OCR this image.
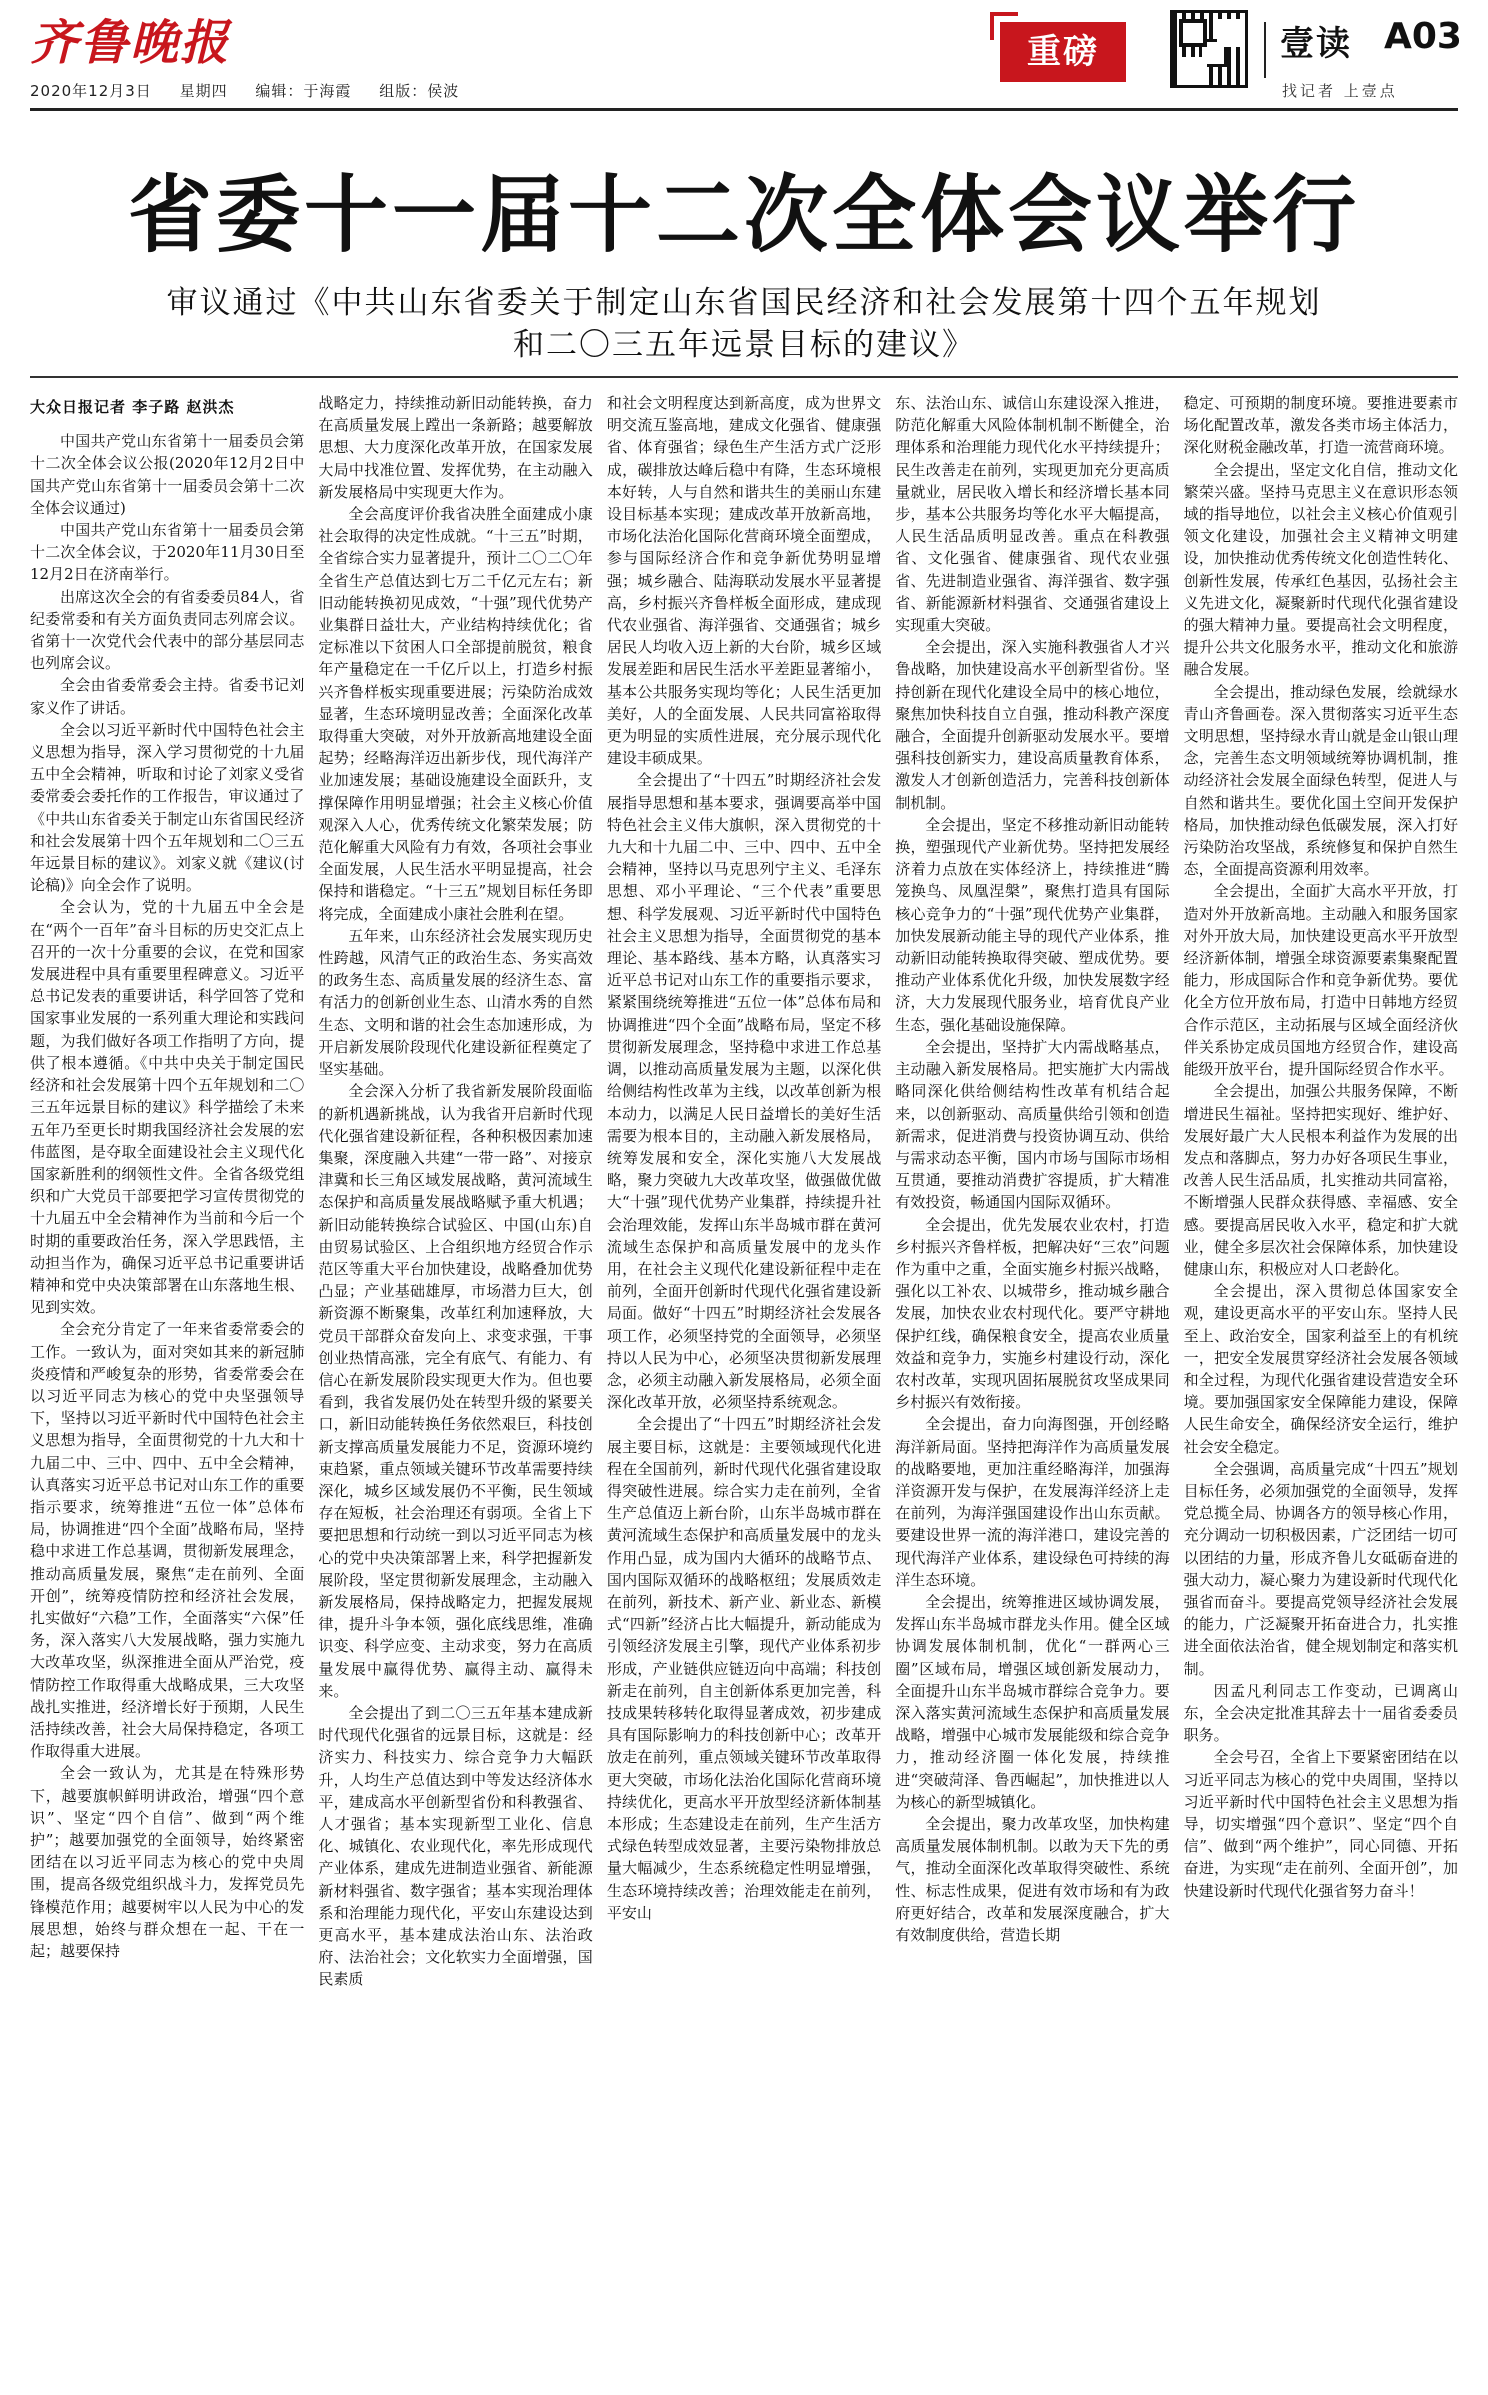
齐鲁晚报
2020年12月3日 星期四 编辑：于海霞 组版：侯波
重磅	壹读 A03
找记者 上壹点
省委十一届十二次全体会议举行
审议通过《中共山东省委关于制定山东省国民经济和社会发展第十四个五年规划
和二〇三五年远景目标的建议》
大众日报记者 李子路 赵洪杰

中国共产党山东省第十一届委员会第十二次全体会议公报(2020年12月2日中国共产党山东省第十一届委员会第十二次全体会议通过)

中国共产党山东省第十一届委员会第十二次全体会议，于2020年11月30日至12月2日在济南举行。

出席这次全会的有省委委员84人，省纪委常委和有关方面负责同志列席会议。省第十一次党代会代表中的部分基层同志也列席会议。

全会由省委常委会主持。省委书记刘家义作了讲话。

全会以习近平新时代中国特色社会主义思想为指导，深入学习贯彻党的十九届五中全会精神，听取和讨论了刘家义受省委常委会委托作的工作报告，审议通过了《中共山东省委关于制定山东省国民经济和社会发展第十四个五年规划和二〇三五年远景目标的建议》。刘家义就《建议(讨论稿)》向全会作了说明。

全会认为，党的十九届五中全会是在“两个一百年”奋斗目标的历史交汇点上召开的一次十分重要的会议，在党和国家发展进程中具有重要里程碑意义。习近平总书记发表的重要讲话，科学回答了党和国家事业发展的一系列重大理论和实践问题，为我们做好各项工作指明了方向，提供了根本遵循。《中共中央关于制定国民经济和社会发展第十四个五年规划和二〇三五年远景目标的建议》科学描绘了未来五年乃至更长时期我国经济社会发展的宏伟蓝图，是夺取全面建设社会主义现代化国家新胜利的纲领性文件。全省各级党组织和广大党员干部要把学习宣传贯彻党的十九届五中全会精神作为当前和今后一个时期的重要政治任务，深入学思践悟，主动担当作为，确保习近平总书记重要讲话精神和党中央决策部署在山东落地生根、见到实效。

全会充分肯定了一年来省委常委会的工作。一致认为，面对突如其来的新冠肺炎疫情和严峻复杂的形势，省委常委会在以习近平同志为核心的党中央坚强领导下，坚持以习近平新时代中国特色社会主义思想为指导，全面贯彻党的十九大和十九届二中、三中、四中、五中全会精神，认真落实习近平总书记对山东工作的重要指示要求，统筹推进“五位一体”总体布局，协调推进“四个全面”战略布局，坚持稳中求进工作总基调，贯彻新发展理念，推动高质量发展，聚焦“走在前列、全面开创”，统筹疫情防控和经济社会发展，扎实做好“六稳”工作，全面落实“六保”任务，深入落实八大发展战略，强力实施九大改革攻坚，纵深推进全面从严治党，疫情防控工作取得重大战略成果，三大攻坚战扎实推进，经济增长好于预期，人民生活持续改善，社会大局保持稳定，各项工作取得重大进展。

全会一致认为，尤其是在特殊形势下，越要旗帜鲜明讲政治，增强“四个意识”、坚定“四个自信”、做到“两个维护”；越要加强党的全面领导，始终紧密团结在以习近平同志为核心的党中央周围，提高各级党组织战斗力，发挥党员先锋模范作用；越要树牢以人民为中心的发展思想，始终与群众想在一起、干在一起；越要保持

战略定力，持续推动新旧动能转换，奋力在高质量发展上蹚出一条新路；越要解放思想、大力度深化改革开放，在国家发展大局中找准位置、发挥优势，在主动融入新发展格局中实现更大作为。

全会高度评价我省决胜全面建成小康社会取得的决定性成就。“十三五”时期，全省综合实力显著提升，预计二〇二〇年全省生产总值达到七万二千亿元左右；新旧动能转换初见成效，“十强”现代优势产业集群日益壮大，产业结构持续优化；省定标准以下贫困人口全部提前脱贫，粮食年产量稳定在一千亿斤以上，打造乡村振兴齐鲁样板实现重要进展；污染防治成效显著，生态环境明显改善；全面深化改革取得重大突破，对外开放新高地建设全面起势；经略海洋迈出新步伐，现代海洋产业加速发展；基础设施建设全面跃升，支撑保障作用明显增强；社会主义核心价值观深入人心，优秀传统文化繁荣发展；防范化解重大风险有力有效，各项社会事业全面发展，人民生活水平明显提高，社会保持和谐稳定。“十三五”规划目标任务即将完成，全面建成小康社会胜利在望。

五年来，山东经济社会发展实现历史性跨越，风清气正的政治生态、务实高效的政务生态、高质量发展的经济生态、富有活力的创新创业生态、山清水秀的自然生态、文明和谐的社会生态加速形成，为开启新发展阶段现代化建设新征程奠定了坚实基础。

全会深入分析了我省新发展阶段面临的新机遇新挑战，认为我省开启新时代现代化强省建设新征程，各种积极因素加速集聚，深度融入共建“一带一路”、对接京津冀和长三角区域发展战略，黄河流域生态保护和高质量发展战略赋予重大机遇；新旧动能转换综合试验区、中国(山东)自由贸易试验区、上合组织地方经贸合作示范区等重大平台加快建设，战略叠加优势凸显；产业基础雄厚，市场潜力巨大，创新资源不断聚集，改革红利加速释放，大党员干部群众奋发向上、求变求强，干事创业热情高涨，完全有底气、有能力、有信心在新发展阶段实现更大作为。但也要看到，我省发展仍处在转型升级的紧要关口，新旧动能转换任务依然艰巨，科技创新支撑高质量发展能力不足，资源环境约束趋紧，重点领域关键环节改革需要持续深化，城乡区域发展仍不平衡，民生领域存在短板，社会治理还有弱项。全省上下要把思想和行动统一到以习近平同志为核心的党中央决策部署上来，科学把握新发展阶段，坚定贯彻新发展理念，主动融入新发展格局，保持战略定力，把握发展规律，提升斗争本领，强化底线思维，准确识变、科学应变、主动求变，努力在高质量发展中赢得优势、赢得主动、赢得未来。

全会提出了到二〇三五年基本建成新时代现代化强省的远景目标，这就是：经济实力、科技实力、综合竞争力大幅跃升，人均生产总值达到中等发达经济体水平，建成高水平创新型省份和科教强省、人才强省；基本实现新型工业化、信息化、城镇化、农业现代化，率先形成现代产业体系，建成先进制造业强省、新能源新材料强省、数字强省；基本实现治理体系和治理能力现代化，平安山东建设达到更高水平，基本建成法治山东、法治政府、法治社会；文化软实力全面增强，国民素质

和社会文明程度达到新高度，成为世界文明交流互鉴高地，建成文化强省、健康强省、体育强省；绿色生产生活方式广泛形成，碳排放达峰后稳中有降，生态环境根本好转，人与自然和谐共生的美丽山东建设目标基本实现；建成改革开放新高地，市场化法治化国际化营商环境全面塑成，参与国际经济合作和竞争新优势明显增强；城乡融合、陆海联动发展水平显著提高，乡村振兴齐鲁样板全面形成，建成现代农业强省、海洋强省、交通强省；城乡居民人均收入迈上新的大台阶，城乡区域发展差距和居民生活水平差距显著缩小，基本公共服务实现均等化；人民生活更加美好，人的全面发展、人民共同富裕取得更为明显的实质性进展，充分展示现代化建设丰硕成果。

全会提出了“十四五”时期经济社会发展指导思想和基本要求，强调要高举中国特色社会主义伟大旗帜，深入贯彻党的十九大和十九届二中、三中、四中、五中全会精神，坚持以马克思列宁主义、毛泽东思想、邓小平理论、“三个代表”重要思想、科学发展观、习近平新时代中国特色社会主义思想为指导，全面贯彻党的基本理论、基本路线、基本方略，认真落实习近平总书记对山东工作的重要指示要求，紧紧围绕统筹推进“五位一体”总体布局和协调推进“四个全面”战略布局，坚定不移贯彻新发展理念，坚持稳中求进工作总基调，以推动高质量发展为主题，以深化供给侧结构性改革为主线，以改革创新为根本动力，以满足人民日益增长的美好生活需要为根本目的，主动融入新发展格局，统筹发展和安全，深化实施八大发展战略，聚力突破九大改革攻坚，做强做优做大“十强”现代优势产业集群，持续提升社会治理效能，发挥山东半岛城市群在黄河流域生态保护和高质量发展中的龙头作用，在社会主义现代化建设新征程中走在前列，全面开创新时代现代化强省建设新局面。做好“十四五”时期经济社会发展各项工作，必须坚持党的全面领导，必须坚持以人民为中心，必须坚决贯彻新发展理念，必须主动融入新发展格局，必须全面深化改革开放，必须坚持系统观念。

全会提出了“十四五”时期经济社会发展主要目标，这就是：主要领域现代化进程在全国前列，新时代现代化强省建设取得突破性进展。综合实力走在前列，全省生产总值迈上新台阶，山东半岛城市群在黄河流域生态保护和高质量发展中的龙头作用凸显，成为国内大循环的战略节点、国内国际双循环的战略枢纽；发展质效走在前列，新技术、新产业、新业态、新模式“四新”经济占比大幅提升，新动能成为引领经济发展主引擎，现代产业体系初步形成，产业链供应链迈向中高端；科技创新走在前列，自主创新体系更加完善，科技成果转移转化取得显著成效，初步建成具有国际影响力的科技创新中心；改革开放走在前列，重点领域关键环节改革取得更大突破，市场化法治化国际化营商环境持续优化，更高水平开放型经济新体制基本形成；生态建设走在前列，生产生活方式绿色转型成效显著，主要污染物排放总量大幅减少，生态系统稳定性明显增强，生态环境持续改善；治理效能走在前列，平安山

东、法治山东、诚信山东建设深入推进，防范化解重大风险体制机制不断健全，治理体系和治理能力现代化水平持续提升；民生改善走在前列，实现更加充分更高质量就业，居民收入增长和经济增长基本同步，基本公共服务均等化水平大幅提高，人民生活品质明显改善。重点在科教强省、文化强省、健康强省、现代农业强省、先进制造业强省、海洋强省、数字强省、新能源新材料强省、交通强省建设上实现重大突破。

全会提出，深入实施科教强省人才兴鲁战略，加快建设高水平创新型省份。坚持创新在现代化建设全局中的核心地位，聚焦加快科技自立自强，推动科教产深度融合，全面提升创新驱动发展水平。要增强科技创新实力，建设高质量教育体系，激发人才创新创造活力，完善科技创新体制机制。

全会提出，坚定不移推动新旧动能转换，塑强现代产业新优势。坚持把发展经济着力点放在实体经济上，持续推进“腾笼换鸟、凤凰涅槃”，聚焦打造具有国际核心竞争力的“十强”现代优势产业集群，加快发展新动能主导的现代产业体系，推动新旧动能转换取得突破、塑成优势。要推动产业体系优化升级，加快发展数字经济，大力发展现代服务业，培育优良产业生态，强化基础设施保障。

全会提出，坚持扩大内需战略基点，主动融入新发展格局。把实施扩大内需战略同深化供给侧结构性改革有机结合起来，以创新驱动、高质量供给引领和创造新需求，促进消费与投资协调互动、供给与需求动态平衡，国内市场与国际市场相互贯通，要推动消费扩容提质，扩大精准有效投资，畅通国内国际双循环。

全会提出，优先发展农业农村，打造乡村振兴齐鲁样板，把解决好“三农”问题作为重中之重，全面实施乡村振兴战略，强化以工补农、以城带乡，推动城乡融合发展，加快农业农村现代化。要严守耕地保护红线，确保粮食安全，提高农业质量效益和竞争力，实施乡村建设行动，深化农村改革，实现巩固拓展脱贫攻坚成果同乡村振兴有效衔接。

全会提出，奋力向海图强，开创经略海洋新局面。坚持把海洋作为高质量发展的战略要地，更加注重经略海洋，加强海洋资源开发与保护，在发展海洋经济上走在前列，为海洋强国建设作出山东贡献。要建设世界一流的海洋港口，建设完善的现代海洋产业体系，建设绿色可持续的海洋生态环境。

全会提出，统筹推进区域协调发展，发挥山东半岛城市群龙头作用。健全区域协调发展体制机制，优化“一群两心三圈”区域布局，增强区域创新发展动力，全面提升山东半岛城市群综合竞争力。要深入落实黄河流域生态保护和高质量发展战略，增强中心城市发展能级和综合竞争力，推动经济圈一体化发展，持续推进“突破菏泽、鲁西崛起”，加快推进以人为核心的新型城镇化。

全会提出，聚力改革攻坚，加快构建高质量发展体制机制。以敢为天下先的勇气，推动全面深化改革取得突破性、系统性、标志性成果，促进有效市场和有为政府更好结合，改革和发展深度融合，扩大有效制度供给，营造长期

稳定、可预期的制度环境。要推进要素市场化配置改革，激发各类市场主体活力，深化财税金融改革，打造一流营商环境。

全会提出，坚定文化自信，推动文化繁荣兴盛。坚持马克思主义在意识形态领域的指导地位，以社会主义核心价值观引领文化建设，加强社会主义精神文明建设，加快推动优秀传统文化创造性转化、创新性发展，传承红色基因，弘扬社会主义先进文化，凝聚新时代现代化强省建设的强大精神力量。要提高社会文明程度，提升公共文化服务水平，推动文化和旅游融合发展。

全会提出，推动绿色发展，绘就绿水青山齐鲁画卷。深入贯彻落实习近平生态文明思想，坚持绿水青山就是金山银山理念，完善生态文明领域统筹协调机制，推动经济社会发展全面绿色转型，促进人与自然和谐共生。要优化国土空间开发保护格局，加快推动绿色低碳发展，深入打好污染防治攻坚战，系统修复和保护自然生态，全面提高资源利用效率。

全会提出，全面扩大高水平开放，打造对外开放新高地。主动融入和服务国家对外开放大局，加快建设更高水平开放型经济新体制，增强全球资源要素集聚配置能力，形成国际合作和竞争新优势。要优化全方位开放布局，打造中日韩地方经贸合作示范区，主动拓展与区域全面经济伙伴关系协定成员国地方经贸合作，建设高能级开放平台，提升国际经贸合作水平。

全会提出，加强公共服务保障，不断增进民生福祉。坚持把实现好、维护好、发展好最广大人民根本利益作为发展的出发点和落脚点，努力办好各项民生事业，改善人民生活品质，扎实推动共同富裕，不断增强人民群众获得感、幸福感、安全感。要提高居民收入水平，稳定和扩大就业，健全多层次社会保障体系，加快建设健康山东，积极应对人口老龄化。

全会提出，深入贯彻总体国家安全观，建设更高水平的平安山东。坚持人民至上、政治安全，国家利益至上的有机统一，把安全发展贯穿经济社会发展各领域和全过程，为现代化强省建设营造安全环境。要加强国家安全保障能力建设，保障人民生命安全，确保经济安全运行，维护社会安全稳定。

全会强调，高质量完成“十四五”规划目标任务，必须加强党的全面领导，发挥党总揽全局、协调各方的领导核心作用，充分调动一切积极因素，广泛团结一切可以团结的力量，形成齐鲁儿女砥砺奋进的强大动力，凝心聚力为建设新时代现代化强省而奋斗。要提高党领导经济社会发展的能力，广泛凝聚开拓奋进合力，扎实推进全面依法治省，健全规划制定和落实机制。

因孟凡利同志工作变动，已调离山东，全会决定批准其辞去十一届省委委员职务。

全会号召，全省上下要紧密团结在以习近平同志为核心的党中央周围，坚持以习近平新时代中国特色社会主义思想为指导，切实增强“四个意识”、坚定“四个自信”、做到“两个维护”，同心同德、开拓奋进，为实现“走在前列、全面开创”，加快建设新时代现代化强省努力奋斗！
